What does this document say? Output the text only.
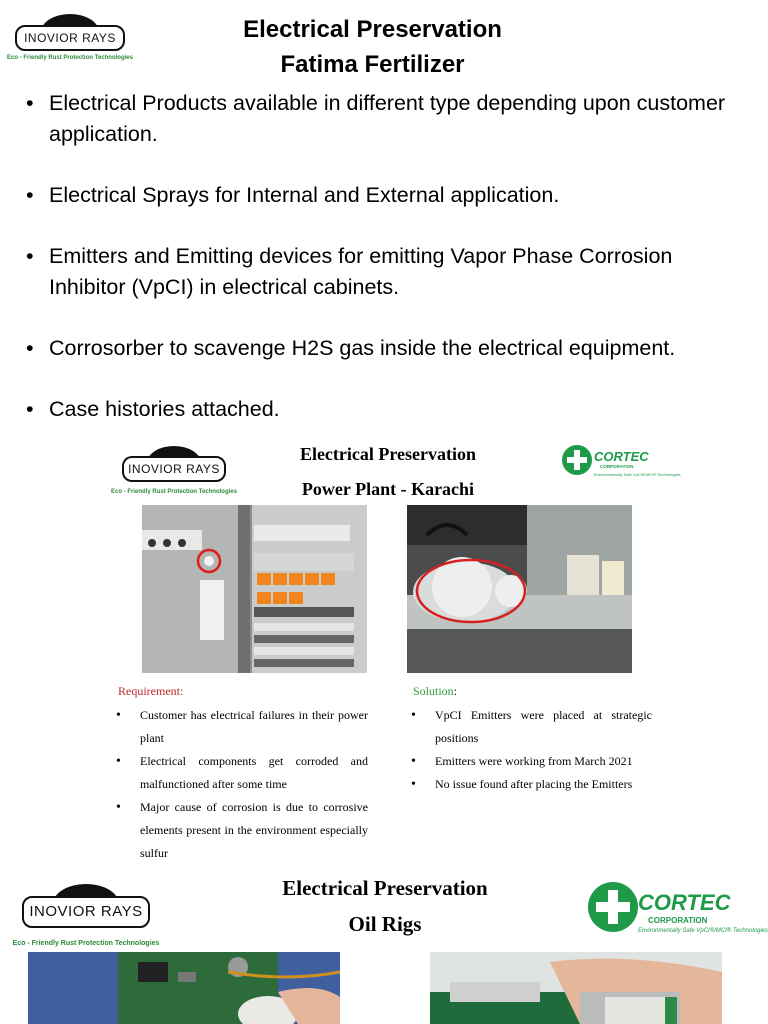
INOVIOR RAYS
Eco - Friendly Rust Protection Technologies
Electrical Preservation
Fatima Fertilizer
• Electrical Products available in different type depending upon customer application.
• Electrical Sprays for Internal and External application.
• Emitters and Emitting devices for emitting Vapor Phase Corrosion Inhibitor (VpCI) in electrical cabinets.
• Corrosorber to scavenge H2S gas inside the electrical equipment.
• Case histories attached.
INOVIOR RAYS
Eco - Friendly Rust Protection Technologies
Electrical Preservation
Power Plant - Karachi
CORTEC
CORPORATION
Environmentally Safe VpCI®/MCI® Technologies
Requirement:
• Customer has electrical failures in their power plant
• Electrical components get corroded and malfunctioned after some time
• Major cause of corrosion is due to corrosive elements present in the environment especially sulfur
Solution:
• VpCI Emitters were placed at strategic positions
• Emitters were working from March 2021
• No issue found after placing the Emitters
INOVIOR RAYS
Eco - Friendly Rust Protection Technologies
Electrical Preservation
Oil Rigs
CORTEC
CORPORATION
Environmentally Safe VpCI®/MCI® Technologies
